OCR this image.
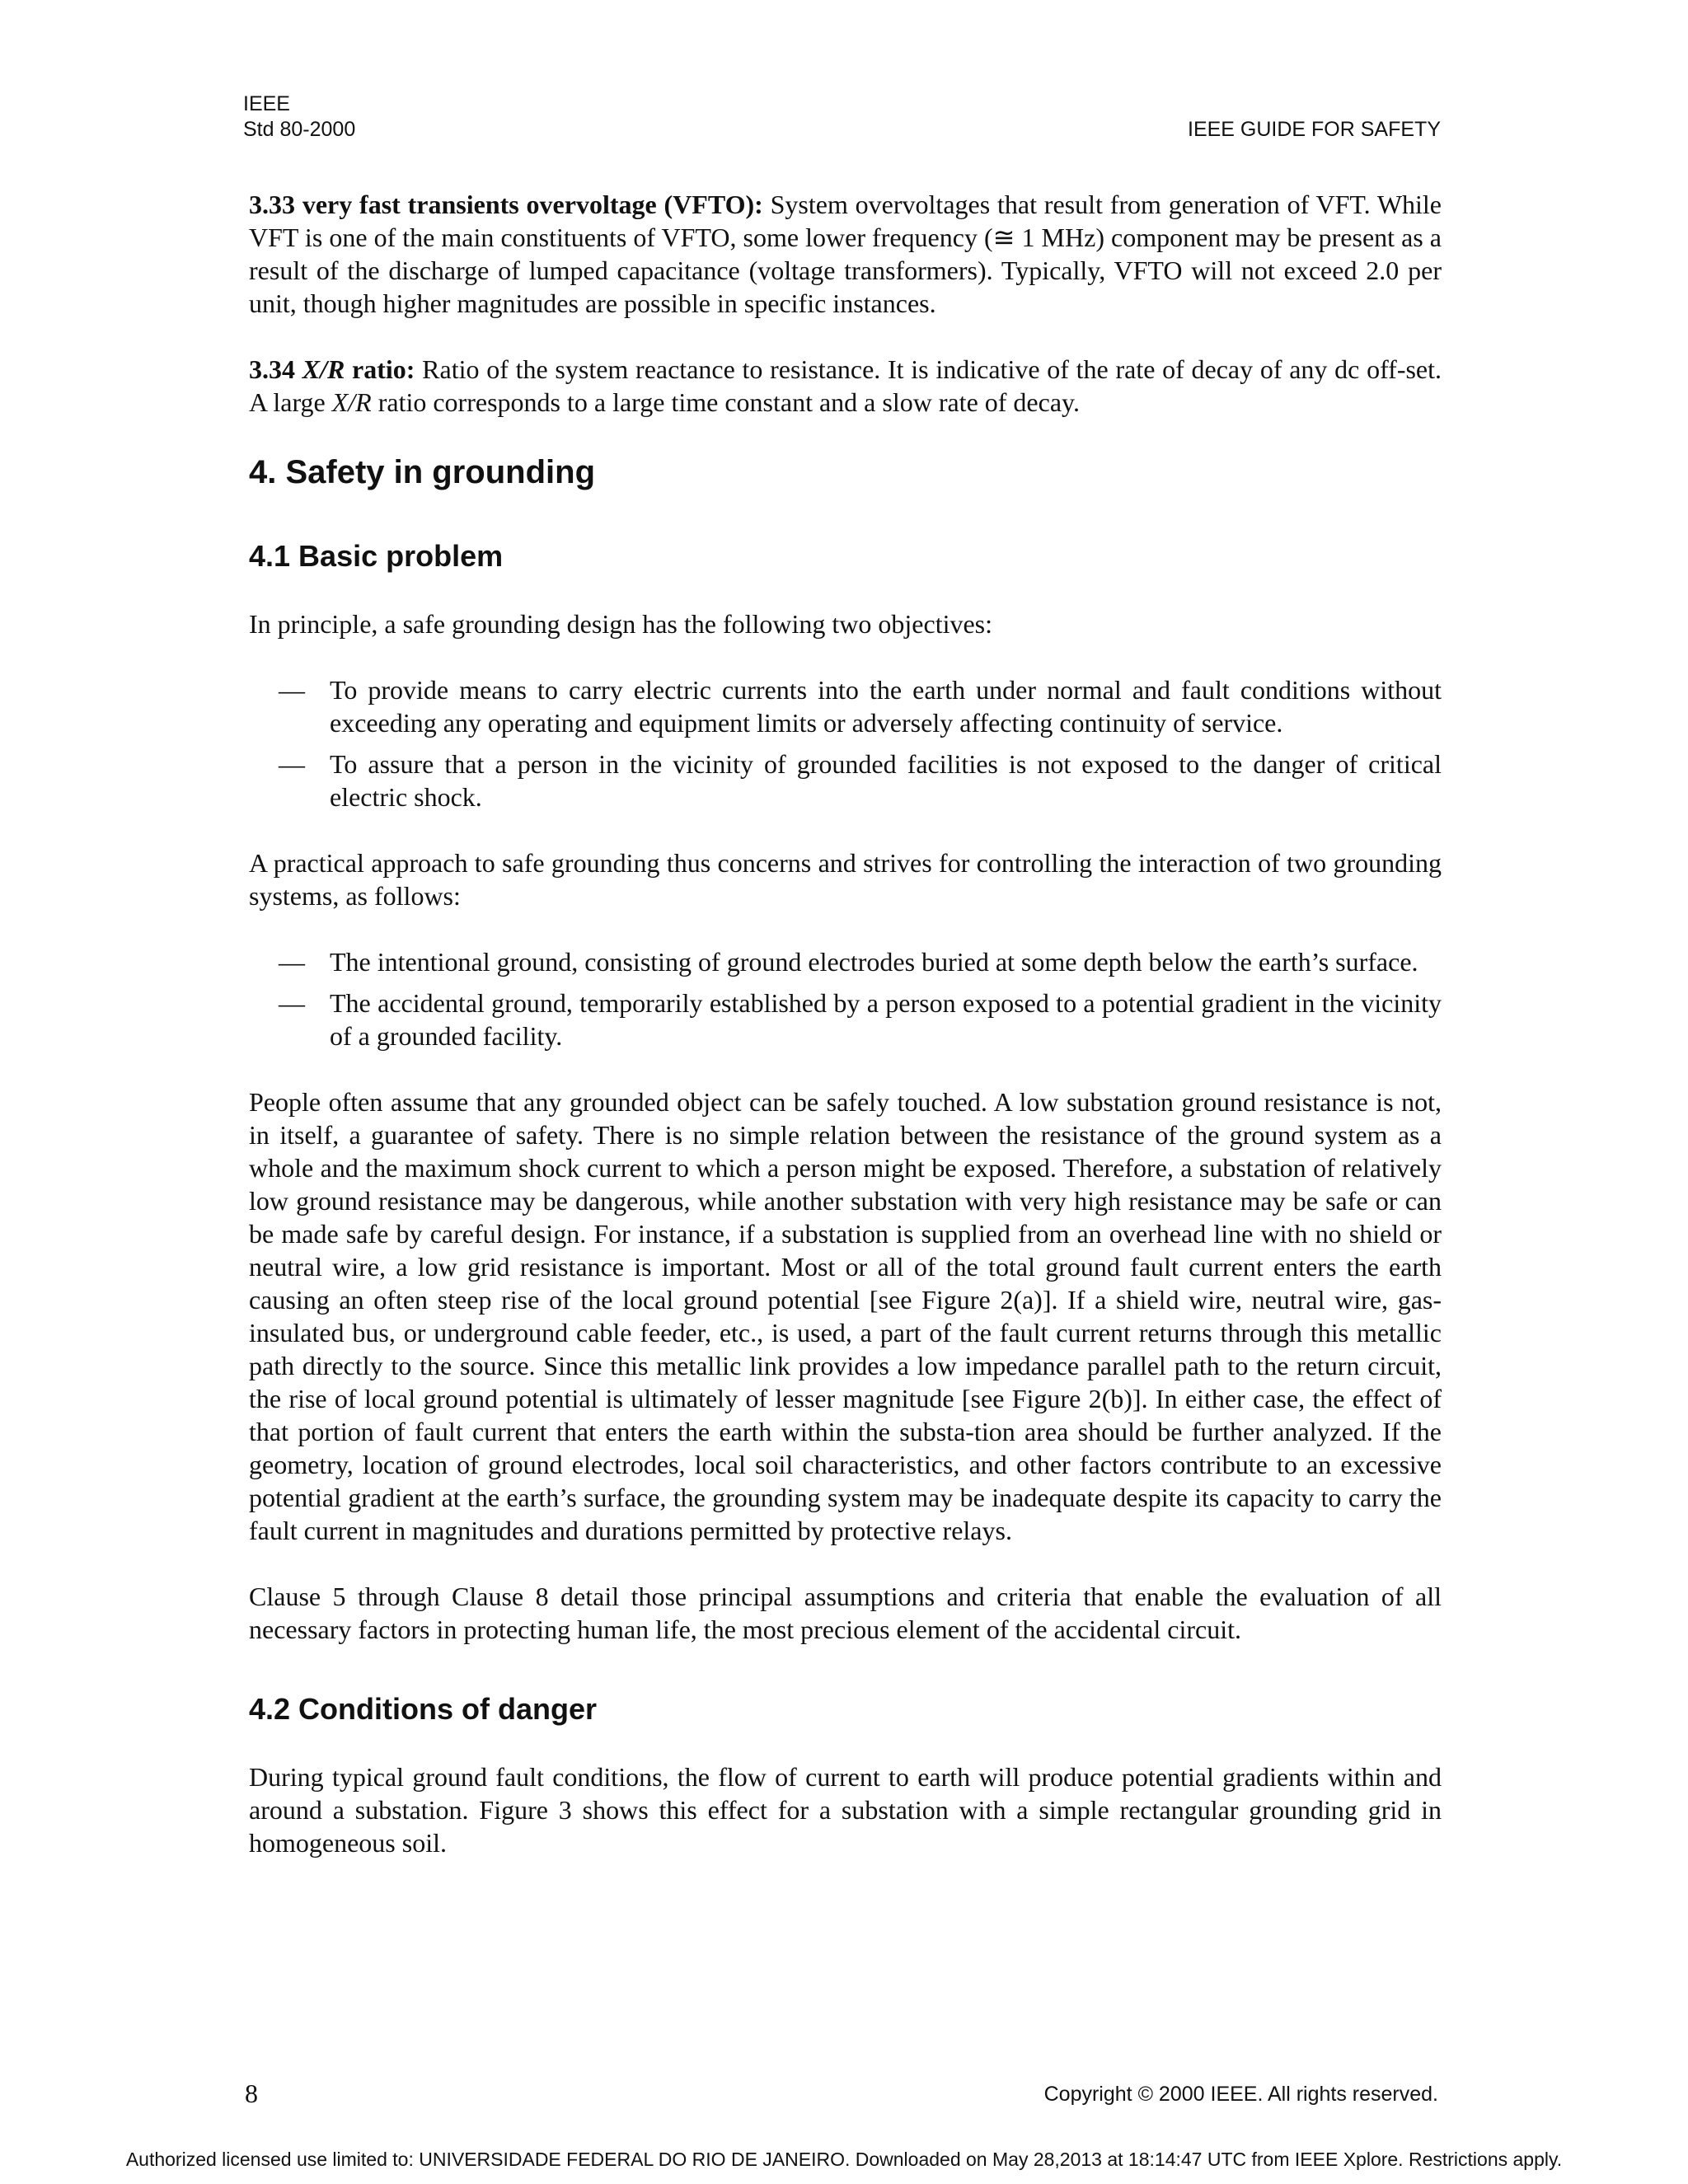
IEEE
Std 80-2000	IEEE GUIDE FOR SAFETY

3.33 very fast transients overvoltage (VFTO): System overvoltages that result from generation of VFT. While VFT is one of the main constituents of VFTO, some lower frequency (≅ 1 MHz) component may be present as a result of the discharge of lumped capacitance (voltage transformers). Typically, VFTO will not exceed 2.0 per unit, though higher magnitudes are possible in specific instances.

3.34 X/R ratio: Ratio of the system reactance to resistance. It is indicative of the rate of decay of any dc off-set. A large X/R ratio corresponds to a large time constant and a slow rate of decay.

4. Safety in grounding
4.1 Basic problem

In principle, a safe grounding design has the following two objectives:

— To provide means to carry electric currents into the earth under normal and fault conditions without exceeding any operating and equipment limits or adversely affecting continuity of service.
— To assure that a person in the vicinity of grounded facilities is not exposed to the danger of critical electric shock.

A practical approach to safe grounding thus concerns and strives for controlling the interaction of two grounding systems, as follows:

— The intentional ground, consisting of ground electrodes buried at some depth below the earth’s surface.
— The accidental ground, temporarily established by a person exposed to a potential gradient in the vicinity of a grounded facility.

People often assume that any grounded object can be safely touched. A low substation ground resistance is not, in itself, a guarantee of safety. There is no simple relation between the resistance of the ground system as a whole and the maximum shock current to which a person might be exposed. Therefore, a substation of relatively low ground resistance may be dangerous, while another substation with very high resistance may be safe or can be made safe by careful design. For instance, if a substation is supplied from an overhead line with no shield or neutral wire, a low grid resistance is important. Most or all of the total ground fault current enters the earth causing an often steep rise of the local ground potential [see Figure 2(a)]. If a shield wire, neutral wire, gas-insulated bus, or underground cable feeder, etc., is used, a part of the fault current returns through this metallic path directly to the source. Since this metallic link provides a low impedance parallel path to the return circuit, the rise of local ground potential is ultimately of lesser magnitude [see Figure 2(b)]. In either case, the effect of that portion of fault current that enters the earth within the substa-tion area should be further analyzed. If the geometry, location of ground electrodes, local soil characteristics, and other factors contribute to an excessive potential gradient at the earth’s surface, the grounding system may be inadequate despite its capacity to carry the fault current in magnitudes and durations permitted by protective relays.

Clause 5 through Clause 8 detail those principal assumptions and criteria that enable the evaluation of all necessary factors in protecting human life, the most precious element of the accidental circuit.

4.2 Conditions of danger

During typical ground fault conditions, the flow of current to earth will produce potential gradients within and around a substation. Figure 3 shows this effect for a substation with a simple rectangular grounding grid in homogeneous soil.

8	Copyright © 2000 IEEE. All rights reserved.
Authorized licensed use limited to: UNIVERSIDADE FEDERAL DO RIO DE JANEIRO. Downloaded on May 28,2013 at 18:14:47 UTC from IEEE Xplore. Restrictions apply.
